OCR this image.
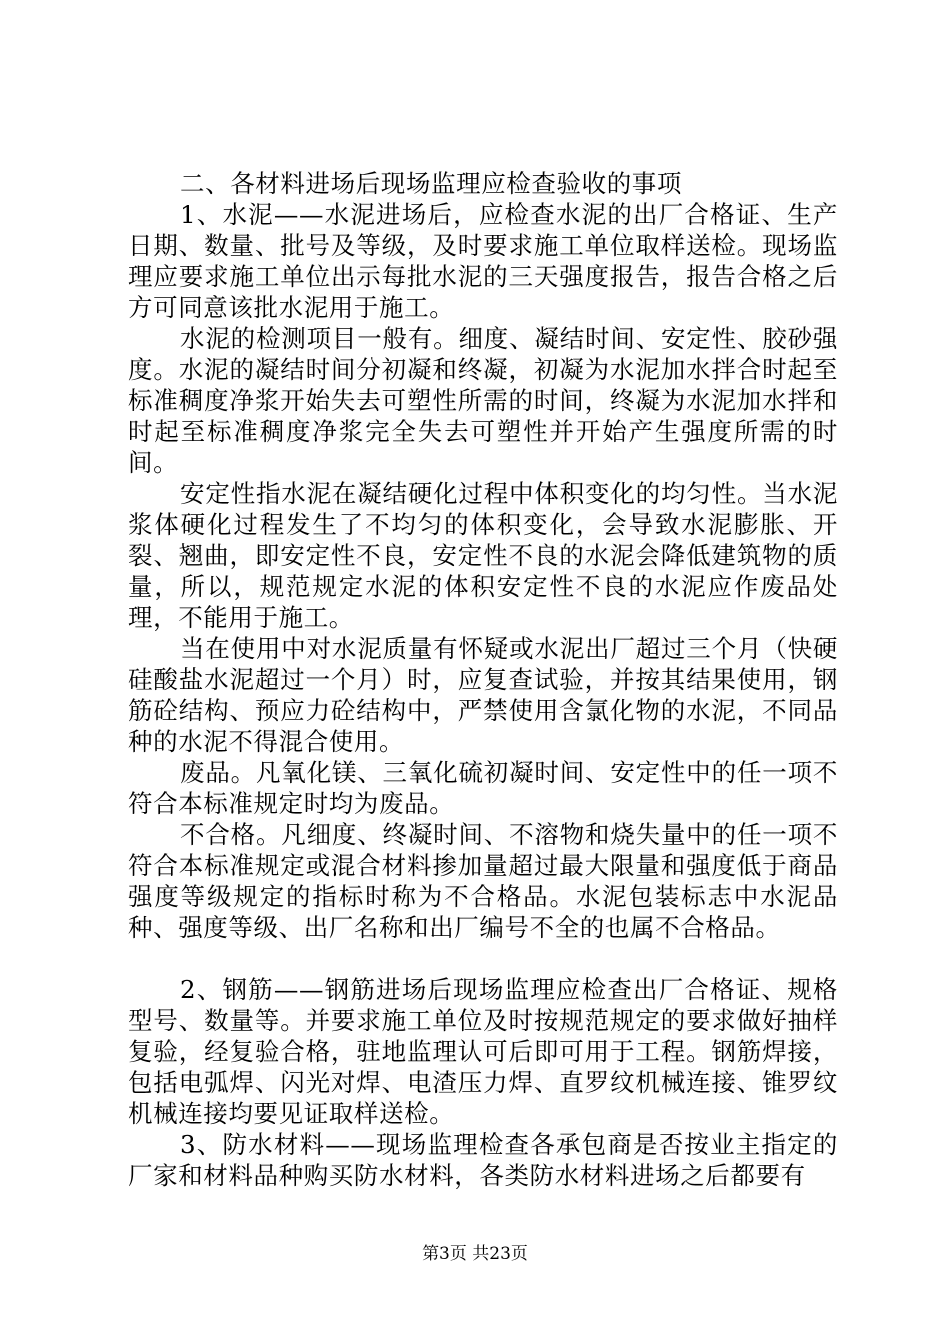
二、各材料进场后现场监理应检查验收的事项

1、水泥——水泥进场后，应检查水泥的出厂合格证、生产日期、数量、批号及等级，及时要求施工单位取样送检。现场监理应要求施工单位出示每批水泥的三天强度报告，报告合格之后方可同意该批水泥用于施工。

水泥的检测项目一般有。细度、凝结时间、安定性、胶砂强度。水泥的凝结时间分初凝和终凝，初凝为水泥加水拌合时起至标准稠度净浆开始失去可塑性所需的时间，终凝为水泥加水拌和时起至标准稠度净浆完全失去可塑性并开始产生强度所需的时间。

安定性指水泥在凝结硬化过程中体积变化的均匀性。当水泥浆体硬化过程发生了不均匀的体积变化，会导致水泥膨胀、开裂、翘曲，即安定性不良，安定性不良的水泥会降低建筑物的质量，所以，规范规定水泥的体积安定性不良的水泥应作废品处理，不能用于施工。

当在使用中对水泥质量有怀疑或水泥出厂超过三个月（快硬硅酸盐水泥超过一个月）时，应复查试验，并按其结果使用，钢筋砼结构、预应力砼结构中，严禁使用含氯化物的水泥，不同品种的水泥不得混合使用。

废品。凡氧化镁、三氧化硫初凝时间、安定性中的任一项不符合本标准规定时均为废品。

不合格。凡细度、终凝时间、不溶物和烧失量中的任一项不符合本标准规定或混合材料掺加量超过最大限量和强度低于商品强度等级规定的指标时称为不合格品。水泥包装标志中水泥品种、强度等级、出厂名称和出厂编号不全的也属不合格品。

2、钢筋——钢筋进场后现场监理应检查出厂合格证、规格型号、数量等。并要求施工单位及时按规范规定的要求做好抽样复验，经复验合格，驻地监理认可后即可用于工程。钢筋焊接，包括电弧焊、闪光对焊、电渣压力焊、直罗纹机械连接、锥罗纹机械连接均要见证取样送检。

3、防水材料——现场监理检查各承包商是否按业主指定的厂家和材料品种购买防水材料，各类防水材料进场之后都要有

第3页 共23页
